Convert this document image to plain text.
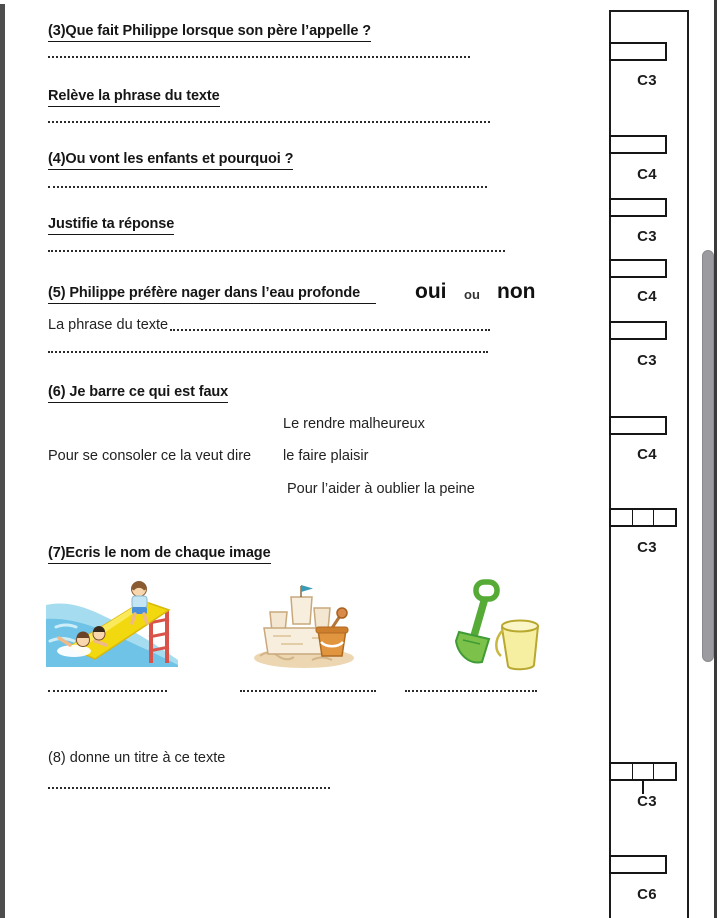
(3)Que fait Philippe lorsque son père l’appelle ?
Relève la phrase du texte
(4)Ou vont les enfants et pourquoi ?
Justifie ta réponse
(5) Philippe préfère nager dans l’eau profonde	oui ou non
La phrase du texte
(6) Je barre ce qui est faux
Le rendre malheureux
Pour se consoler ce la veut dire le faire plaisir
Pour l’aider à oublier la peine
(7)Ecris le nom de chaque image
(8) donne un titre à ce texte
C3
C4
C3
C4
C3
C4
C3
C3
C6
